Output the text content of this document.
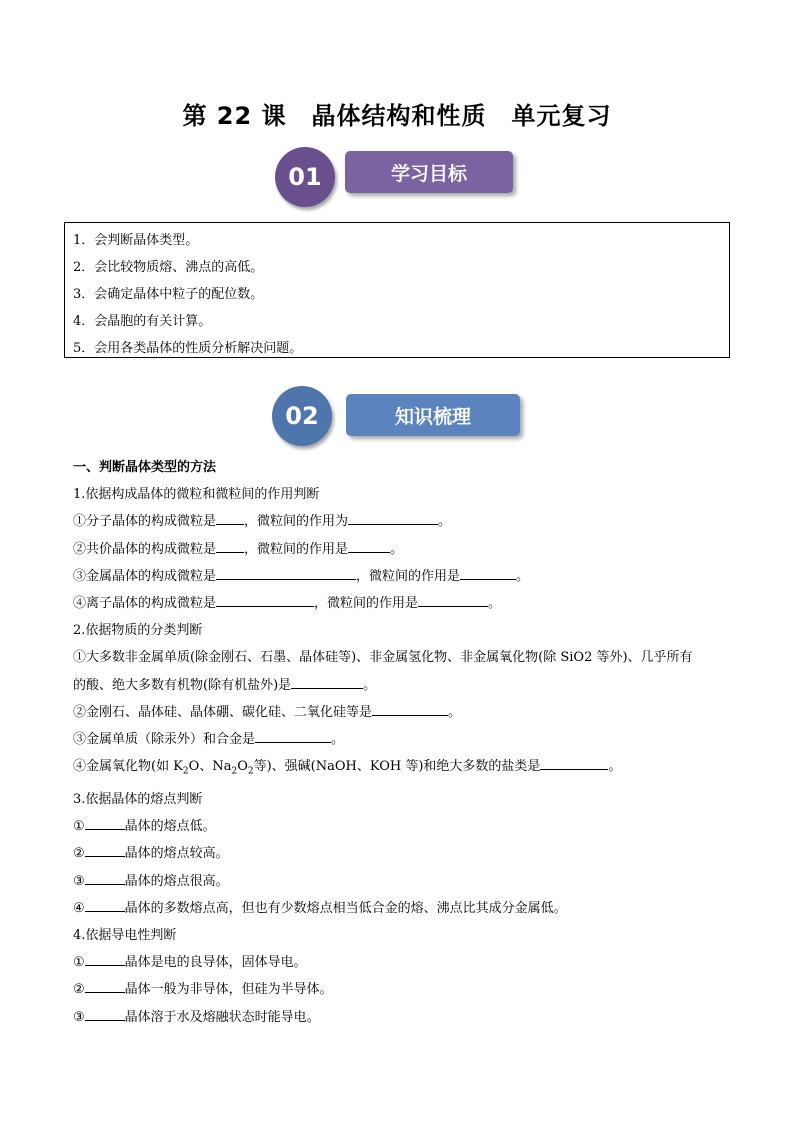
第 22 课　晶体结构和性质　单元复习
01	学习目标
1．会判断晶体类型。
2．会比较物质熔、沸点的高低。
3．会确定晶体中粒子的配位数。
4．会晶胞的有关计算。
5．会用各类晶体的性质分析解决问题。
02	知识梳理
一、判断晶体类型的方法
1.依据构成晶体的微粒和微粒间的作用判断
①分子晶体的构成微粒是 ，微粒间的作用为	。
②共价晶体的构成微粒是 ，微粒间的作用是	。
③金属晶体的构成微粒是	，微粒间的作用是	。
④离子晶体的构成微粒是	，微粒间的作用是	。
2.依据物质的分类判断
①大多数非金属单质(除金刚石、石墨、晶体硅等)、非金属氢化物、非金属氧化物(除 SiO2 等外)、几乎所有
的酸、绝大多数有机物(除有机盐外)是	。
②金刚石、晶体硅、晶体硼、碳化硅、二氧化硅等是	。
③金属单质（除汞外）和合金是	。
④金属氧化物(如 $K_2O$、$Na_2O_2$等)、强碱(NaOH、KOH 等)和绝大多数的盐类是	。
3.依据晶体的熔点判断
①	晶体的熔点低。
②	晶体的熔点较高。
③	晶体的熔点很高。
④	晶体的多数熔点高，但也有少数熔点相当低合金的熔、沸点比其成分金属低。
4.依据导电性判断
①	晶体是电的良导体，固体导电。
②	晶体一般为非导体，但硅为半导体。
③	晶体溶于水及熔融状态时能导电。
